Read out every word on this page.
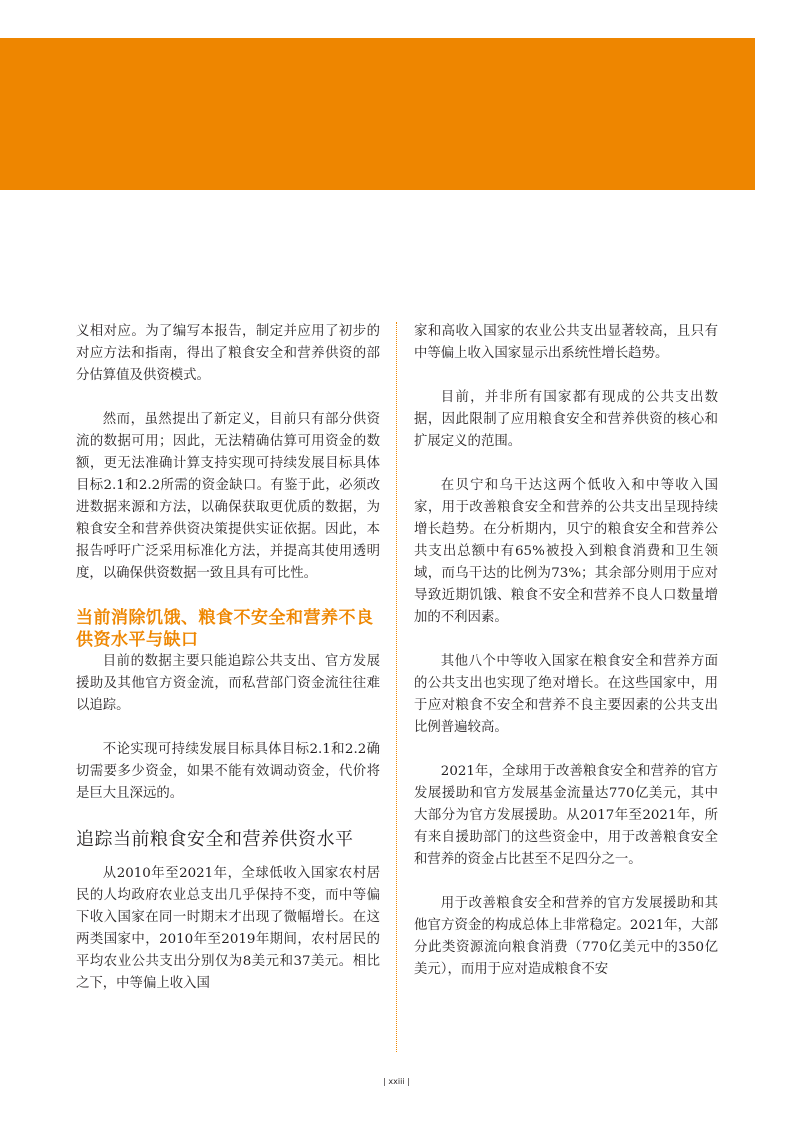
义相对应。为了编写本报告，制定并应用了初步的对应方法和指南，得出了粮食安全和营养供资的部分估算值及供资模式。

然而，虽然提出了新定义，目前只有部分供资流的数据可用；因此，无法精确估算可用资金的数额，更无法准确计算支持实现可持续发展目标具体目标2.1和2.2所需的资金缺口。有鉴于此，必须改进数据来源和方法，以确保获取更优质的数据，为粮食安全和营养供资决策提供实证依据。因此，本报告呼吁广泛采用标准化方法，并提高其使用透明度，以确保供资数据一致且具有可比性。

当前消除饥饿、粮食不安全和营养不良供资水平与缺口

目前的数据主要只能追踪公共支出、官方发展援助及其他官方资金流，而私营部门资金流往往难以追踪。

不论实现可持续发展目标具体目标2.1和2.2确切需要多少资金，如果不能有效调动资金，代价将是巨大且深远的。

追踪当前粮食安全和营养供资水平

从2010年至2021年，全球低收入国家农村居民的人均政府农业总支出几乎保持不变，而中等偏下收入国家在同一时期末才出现了微幅增长。在这两类国家中，2010年至2019年期间，农村居民的平均农业公共支出分别仅为8美元和37美元。相比之下，中等偏上收入国

家和高收入国家的农业公共支出显著较高，且只有中等偏上收入国家显示出系统性增长趋势。

目前，并非所有国家都有现成的公共支出数据，因此限制了应用粮食安全和营养供资的核心和扩展定义的范围。

在贝宁和乌干达这两个低收入和中等收入国家，用于改善粮食安全和营养的公共支出呈现持续增长趋势。在分析期内，贝宁的粮食安全和营养公共支出总额中有65%被投入到粮食消费和卫生领域，而乌干达的比例为73%；其余部分则用于应对导致近期饥饿、粮食不安全和营养不良人口数量增加的不利因素。

其他八个中等收入国家在粮食安全和营养方面的公共支出也实现了绝对增长。在这些国家中，用于应对粮食不安全和营养不良主要因素的公共支出比例普遍较高。

2021年，全球用于改善粮食安全和营养的官方发展援助和官方发展基金流量达770亿美元，其中大部分为官方发展援助。从2017年至2021年，所有来自援助部门的这些资金中，用于改善粮食安全和营养的资金占比甚至不足四分之一。

用于改善粮食安全和营养的官方发展援助和其他官方资金的构成总体上非常稳定。2021年，大部分此类资源流向粮食消费（770亿美元中的350亿美元），而用于应对造成粮食不安

| xxiii |
